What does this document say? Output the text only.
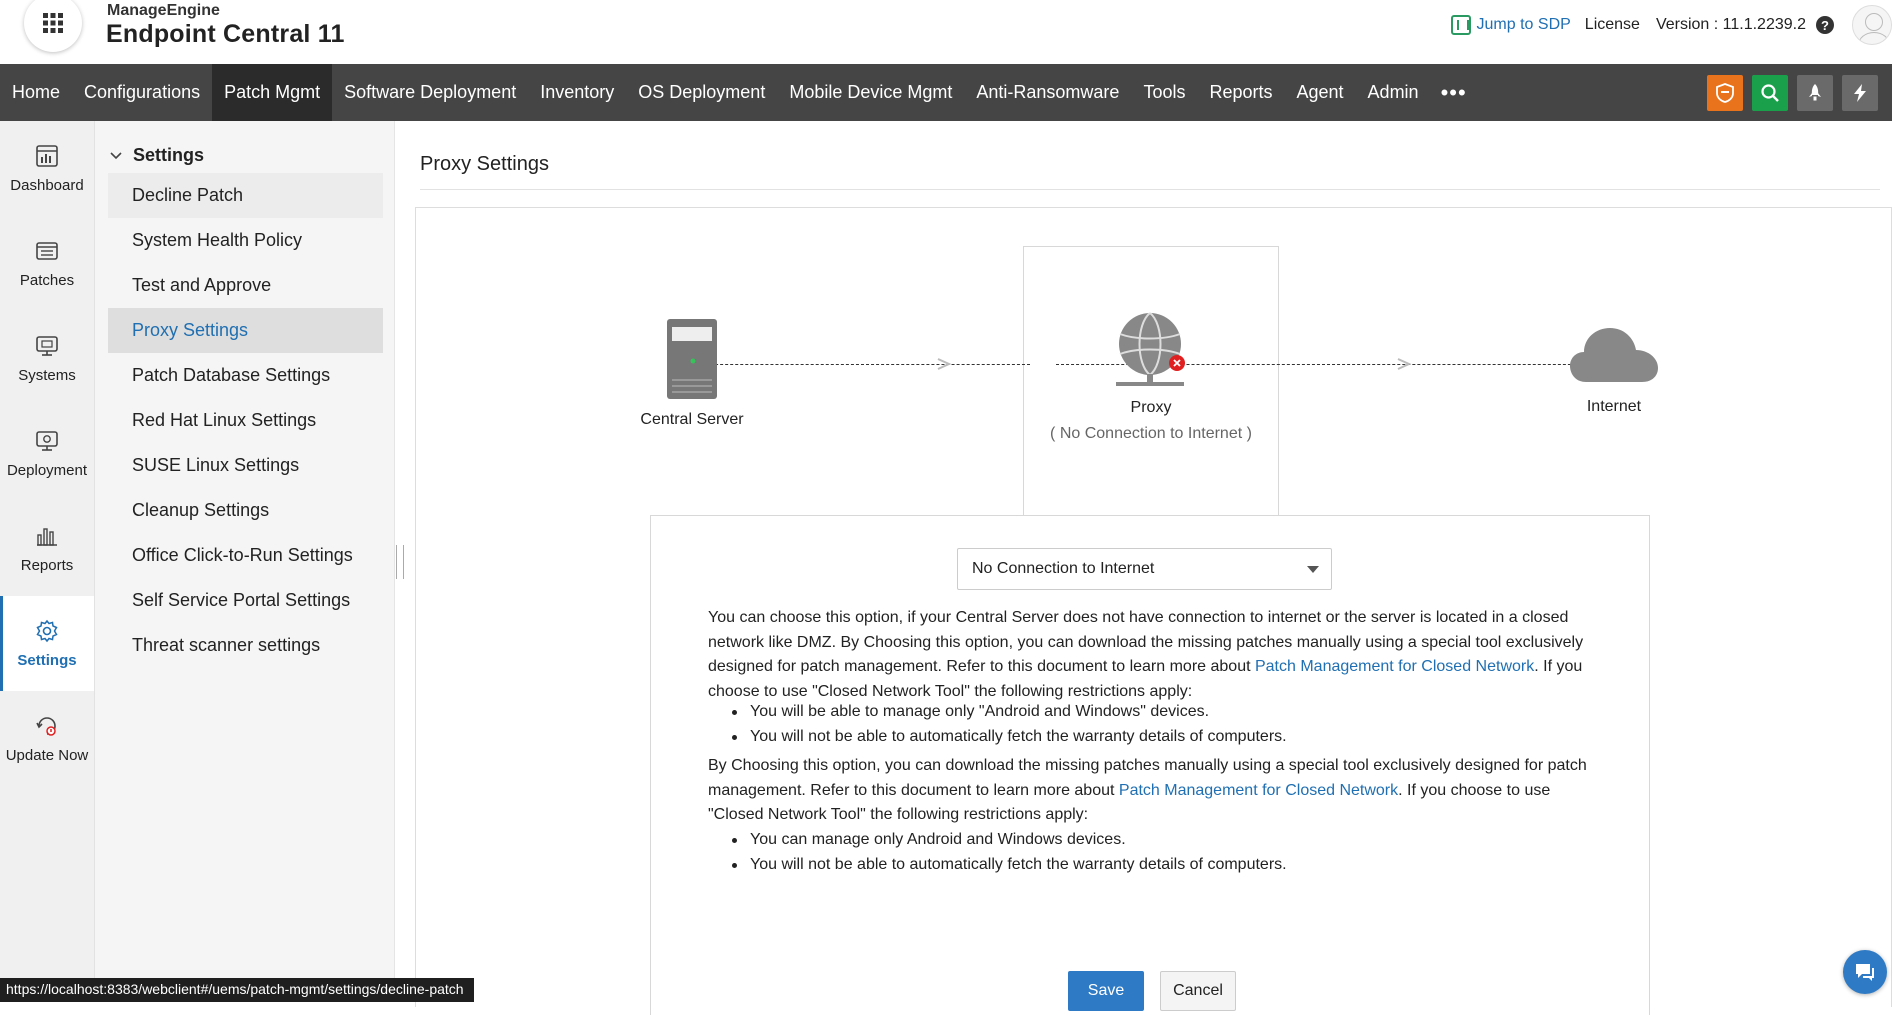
ManageEngine
Endpoint Central 11	Jump to SDP License Version : 11.1.2239.2	?
Home	Configurations	Patch Mgmt	Software Deployment	Inventory	OS Deployment	Mobile Device Mgmt	Anti-Ransomware	Tools	Reports	Agent	Admin	•••
Dashboard
Patches
Systems
Deployment
Reports
Settings
Update Now
Settings
Decline Patch
System Health Policy
Test and Approve
Proxy Settings
Patch Database Settings
Red Hat Linux Settings
SUSE Linux Settings
Cleanup Settings
Office Click-to-Run Settings
Self Service Portal Settings
Threat scanner settings
Proxy Settings
Central Server
Proxy
( No Connection to Internet )
Internet
No Connection to Internet

You can choose this option, if your Central Server does not have connection to internet or the server is located in a closed network like DMZ. By Choosing this option, you can download the missing patches manually using a special tool exclusively designed for patch management. Refer to this document to learn more about Patch Management for Closed Network. If you choose to use "Closed Network Tool" the following restrictions apply:

You will be able to manage only "Android and Windows" devices.
You will not be able to automatically fetch the warranty details of computers.

By Choosing this option, you can download the missing patches manually using a special tool exclusively designed for patch management. Refer to this document to learn more about Patch Management for Closed Network. If you choose to use "Closed Network Tool" the following restrictions apply:

You can manage only Android and Windows devices.
You will not be able to automatically fetch the warranty details of computers.
Save	Cancel
https://localhost:8383/webclient#/uems/patch-mgmt/settings/decline-patch
